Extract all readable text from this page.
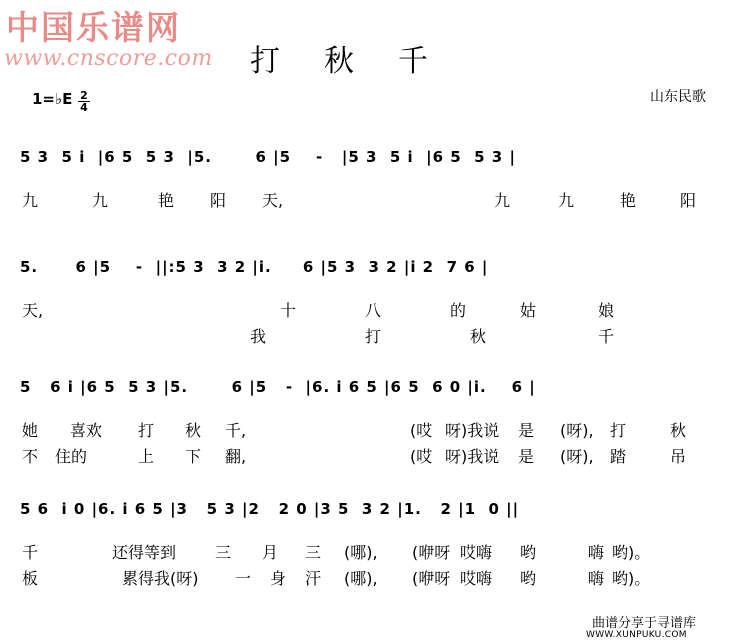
中国乐谱网
www.cnscore.com 打秋千
山东民歌
1=♭E 2
4
5 3  5 i  |6 5  5 3  |5.       6 |5    -   |5 3  5 i  |6 5  5 3 |
九	九	艳 阳 天,	九	九	艳	阳
5.      6 |5    -  ||:5 3  3 2 |i.     6 |5 3  3 2 |i 2  7 6 |
天,	十	八	的	姑	娘
我	打	秋	千
5   6 i |6 5  5 3 |5.       6 |5   -  |6. i 6 5 |6 5  6 0 |i.    6 |
她 喜欢 打 秋 千,	(哎 呀)我说 是 (呀), 打	秋
不 住的	上 下 翻,	(哎 呀)我说 是 (呀), 踏	吊
5 6  i 0 |6. i 6 5 |3   5 3 |2   2 0 |3 5  3 2 |1.   2 |1  0 ||
千	还得等到 三 月 三 (哪), (咿呀 哎嗨 哟	嗨 哟)。
板	累得我(呀) 一 身 汗 (哪), (咿呀 哎嗨 哟	嗨 哟)。
曲谱分享于寻谱库
WWW.XUNPUKU.COM
